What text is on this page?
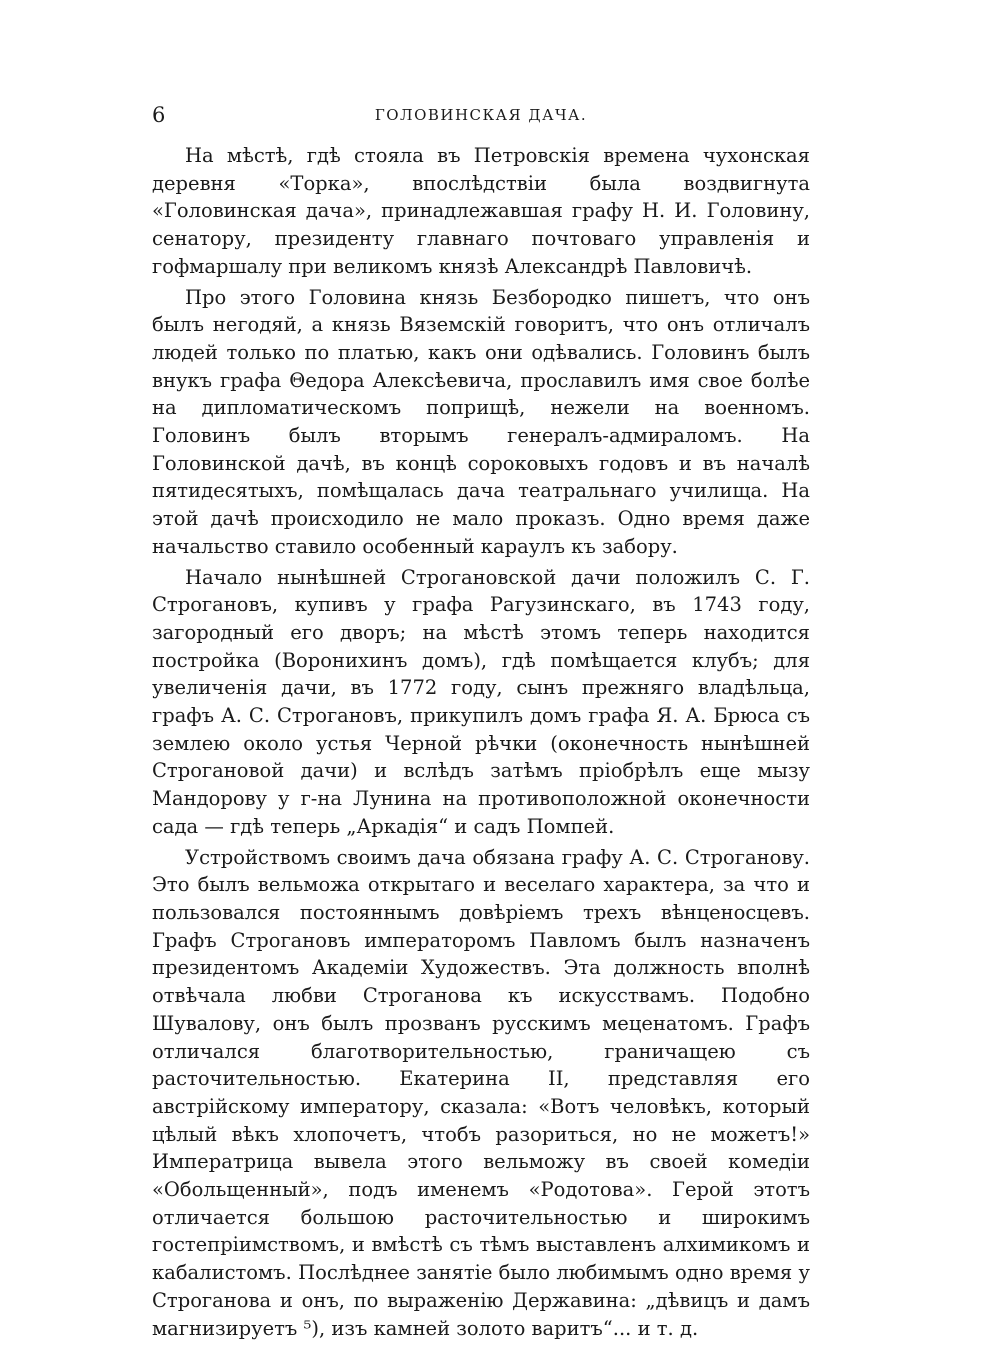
6	ГОЛОВИНСКАЯ ДАЧА.

На мѣстѣ, гдѣ стояла въ Петровскія времена чухонская деревня «Торка», впослѣдствіи была воздвигнута «Головинская дача», принадлежавшая графу Н. И. Головину, сенатору, президенту главнаго почтоваго управленія и гофмаршалу при великомъ князѣ Александрѣ Павловичѣ.

Про этого Головина князь Безбородко пишетъ, что онъ былъ негодяй, а князь Вяземскій говоритъ, что онъ отличалъ людей только по платью, какъ они одѣвались. Головинъ былъ внукъ графа Θедора Алексѣевича, прославилъ имя свое болѣе на дипломатическомъ поприщѣ, нежели на военномъ. Головинъ былъ вторымъ генералъ-адмираломъ. На Головинской дачѣ, въ концѣ сороковыхъ годовъ и въ началѣ пятидесятыхъ, помѣщалась дача театральнаго училища. На этой дачѣ происходило не мало проказъ. Одно время даже начальство ставило особенный караулъ къ забору.

Начало нынѣшней Строгановской дачи положилъ С. Г. Строгановъ, купивъ у графа Рагузинскаго, въ 1743 году, загородный его дворъ; на мѣстѣ этомъ теперь находится постройка (Воронихинъ домъ), гдѣ помѣщается клубъ; для увеличенія дачи, въ 1772 году, сынъ прежняго владѣльца, графъ А. С. Строгановъ, прикупилъ домъ графа Я. А. Брюса съ землею около устья Черной рѣчки (оконечность нынѣшней Строгановой дачи) и вслѣдъ затѣмъ пріобрѣлъ еще мызу Мандорову у г-на Лунина на противоположной оконечности сада — гдѣ теперь „Аркадія“ и садъ Помпей.

Устройствомъ своимъ дача обязана графу А. С. Строганову. Это былъ вельможа открытаго и веселаго характера, за что и пользовался постояннымъ довѣріемъ трехъ вѣнценосцевъ. Графъ Строгановъ императоромъ Павломъ былъ назначенъ президентомъ Академіи Художествъ. Эта должность вполнѣ отвѣчала любви Строганова къ искусствамъ. Подобно Шувалову, онъ былъ прозванъ русскимъ меценатомъ. Графъ отличался благотворительностью, граничащею съ расточительностью. Екатерина II, представляя его австрійскому императору, сказала: «Вотъ человѣкъ, который цѣлый вѣкъ хлопочетъ, чтобъ разориться, но не можетъ!» Императрица вывела этого вельможу въ своей комедіи «Обольщенный», подъ именемъ «Родотова». Герой этотъ отличается большою расточительностью и широкимъ гостепріимствомъ, и вмѣстѣ съ тѣмъ выставленъ алхимикомъ и кабалистомъ. Послѣднее занятіе было любимымъ одно время у Строганова и онъ, по выраженію Державина: „дѣвицъ и дамъ магнизируетъ ⁵), изъ камней золото варитъ“... и т. д.
